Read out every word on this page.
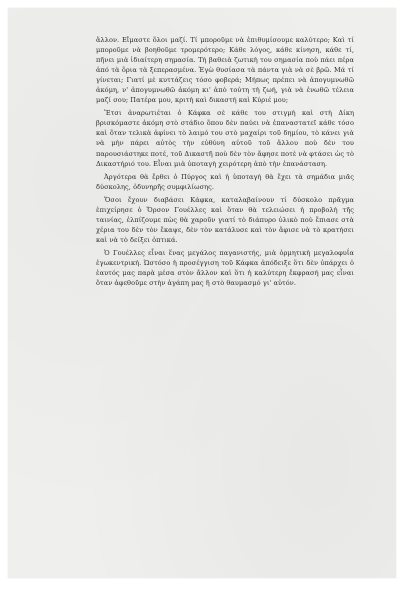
ἄλλον. Εἴμαστε ὅλοι μαζί. Τί μποροῦμε νὰ ἐπιθυμίσουμε καλύτερο; Καὶ τί μποροῦμε νὰ βοηθοῦμε τρομερότερο; Κάθε λόγος, κάθε κίνηση, κάθε τί, πῆνει μιὰ ἰδιαίτερη σημασία. Τὴ βαθειὰ ζωτικὴ του σημασία ποὺ πάει πέρα ἀπό τὰ ὅρια τὰ ξεπερασμένα. Ἐγὼ θυσίασα τὰ πάντα γιὰ νὰ σὲ βρῶ. Μά τί γίνεται; Γιατί μὲ κυττάζεις τόσο φοβερά; Μήπως πρέπει νὰ ἀπογυμνωθῶ ἀκόμη, ν' ἀπογυμνωθῶ ἀκόμη κι' ἀπὸ τούτη τὴ ζωή, γιὰ νὰ ἑνωθῶ τέλεια μαζί σου; Πατέρα μου, κριτὴ καὶ δικαστή καὶ Κύριέ μου;

Ἔτσι ἀναρωτιέται ὁ Κάφκα σὲ κάθε του στιγμὴ καὶ στὴ Δίκη βρισκόμαστε ἀκόμη στὸ στάδιο ὅπου δὲν παύει νὰ ἐπαναστατεῖ κάθε τόσο καὶ ὅταν τελικὰ ἀφίνει τὸ λαιμό του στὸ μαχαίρι τοῦ δημίου, τὸ κάνει γιὰ νὰ μὴν πάρει αὐτὸς τὴν εὐθύνη αὐτοῦ τοῦ ἄλλου ποὺ δὲν του παρουσιάστηκε ποτέ, τοῦ Δικαστῆ ποὺ δὲν τὸν ἄφησε ποτὲ νὰ φτάσει ὡς τὸ Δικαστήριό του. Εἶναι μιὰ ὑποταγὴ χειρότερη ἀπὸ τὴν ἐπανάσταση.

Ἀργότερα θὰ ἔρθει ὁ Πύργος καὶ ἡ ὑποταγὴ θὰ ἔχει τὰ σημάδια μιᾶς δύσκολης, ὀδυνηρῆς συμφιλίωσης.

Ὅσοι ἔχουν διαβάσει Κάφκα, καταλαβαίνουν τί δύσκολο πρᾶγμα ἐπιχείρησε ὁ Ὄρσον Γουέλλες καὶ ὅταν θὰ τελειώσει ἡ προβολὴ τῆς ταινίας, ἐλπίζουμε πὼς θὰ χαροῦν γιατί τὸ διάπυρο ὑλικὸ ποὺ ἔπιασε στὰ χέρια του δὲν τὸν ἔκαψε, δὲν τὸν κατάλυσε καὶ τὸν ἄφισε νὰ τὸ κρατήσει καὶ νὰ τὸ δείξει ὀπτικά.

Ὁ Γουέλλες εἶναι ἕνας μεγάλος παγανιστής, μιὰ ὁρμητικὴ μεγαλοφυΐα ἐγωκεντρική. Ὡστόσο ἡ προσέγγιση τοῦ Κάφκα ἀπόδειξε ὅτι δὲν ὑπάρχει ὁ ἑαυτός μας παρὰ μέσα στὸν ἄλλον καὶ ὅτι ἡ καλύτερη ἔκφρασή μας εἶναι ὅταν ἀφεθοῦμε στὴν ἀγάπη μας ἢ στὸ θαυμασμό γι' αὐτόν.
